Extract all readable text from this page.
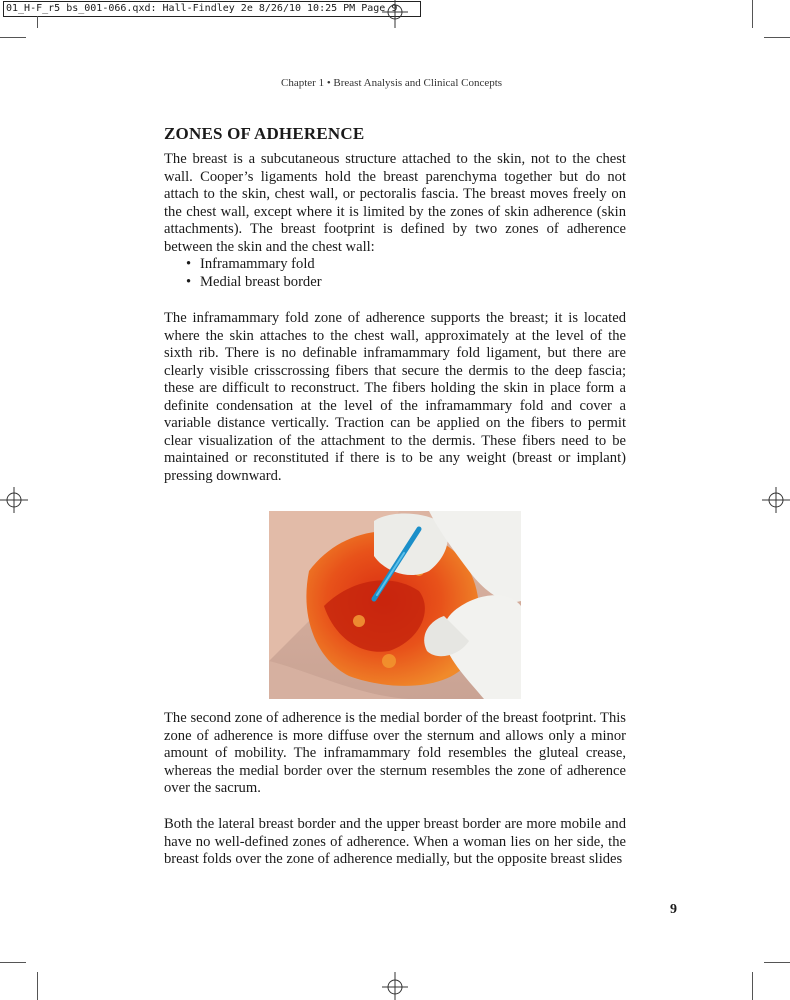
01_H-F_r5 bs_001-066.qxd: Hall-Findley 2e 8/26/10 10:25 PM Page 9
Chapter 1 • Breast Analysis and Clinical Concepts
ZONES OF ADHERENCE

The breast is a subcutaneous structure attached to the skin, not to the chest wall. Cooper’s ligaments hold the breast parenchyma together but do not attach to the skin, chest wall, or pectoralis fascia. The breast moves freely on the chest wall, except where it is limited by the zones of skin adherence (skin attachments). The breast footprint is defined by two zones of adherence between the skin and the chest wall:

• Inframammary fold
• Medial breast border

The inframammary fold zone of adherence supports the breast; it is located where the skin attaches to the chest wall, approximately at the level of the sixth rib. There is no definable inframammary fold ligament, but there are clearly visible crisscrossing fibers that secure the dermis to the deep fascia; these are difficult to reconstruct. The fibers holding the skin in place form a definite condensation at the level of the inframammary fold and cover a variable distance vertically. Traction can be applied on the fibers to permit clear visualization of the attachment to the dermis. These fibers need to be maintained or reconstituted if there is to be any weight (breast or implant) pressing downward.

The second zone of adherence is the medial border of the breast footprint. This zone of adherence is more diffuse over the sternum and allows only a minor amount of mobility. The inframammary fold resembles the gluteal crease, whereas the medial border over the sternum resembles the zone of adherence over the sacrum.

Both the lateral breast border and the upper breast border are more mobile and have no well-defined zones of adherence. When a woman lies on her side, the breast folds over the zone of adherence medially, but the opposite breast slides

9
